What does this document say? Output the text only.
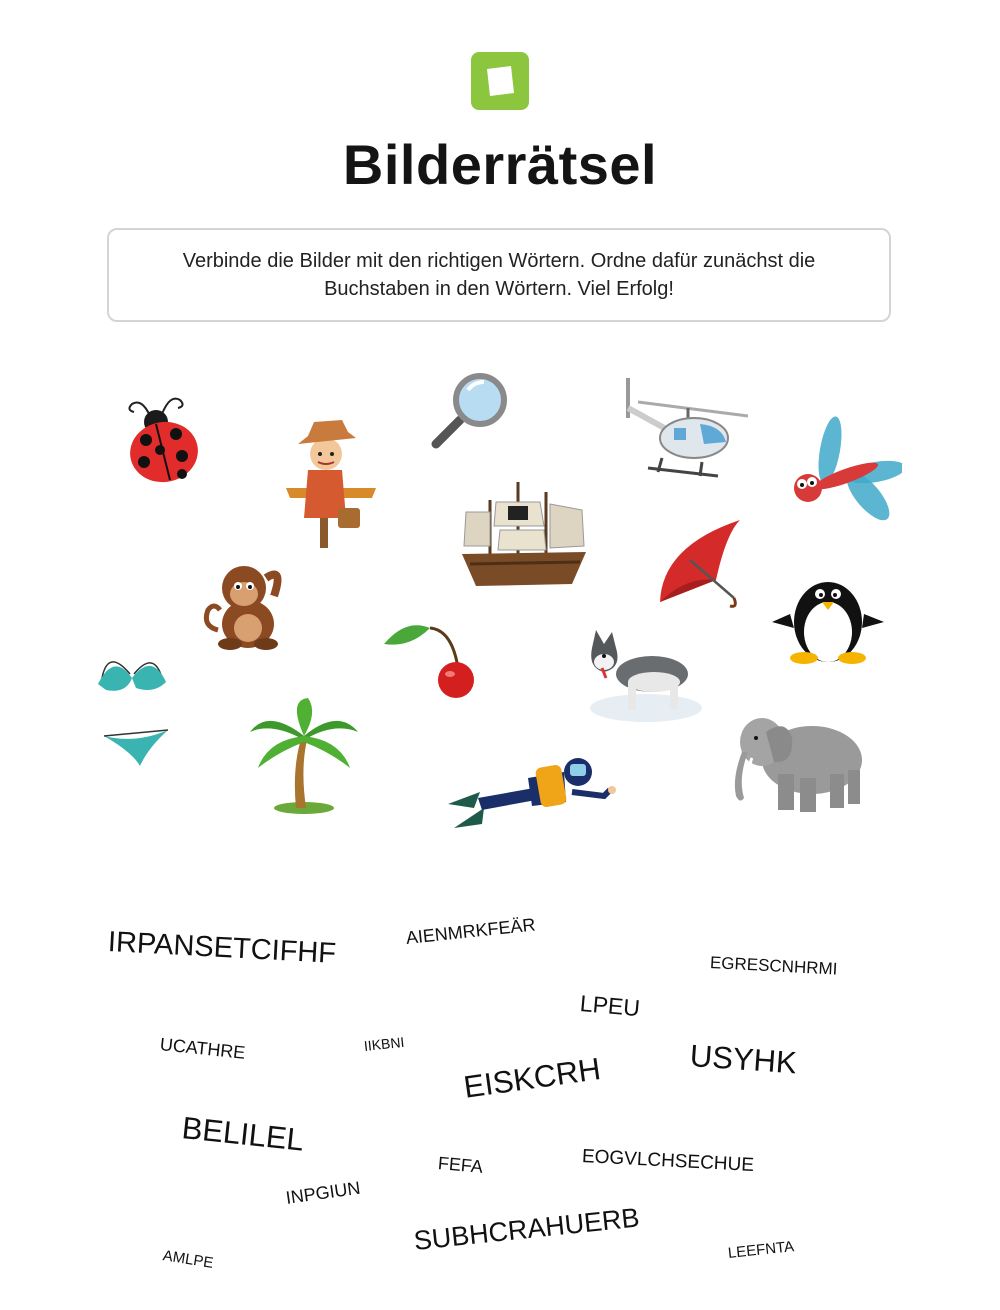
Bilderrätsel
Verbinde die Bilder mit den richtigen Wörtern. Ordne dafür zunächst die Buchstaben in den Wörtern. Viel Erfolg!
IRPANSETCIFHF	AIENMRKFEÄR
EGRESCNHRMI
LPEU
UCATHRE	IIKBNI	USYHK
EISKCRH
BELILEL
FEFA	EOGVLCHSECHUE
INPGIUN
SUBHCRAHUERB
AMLPE	LEEFNTA
